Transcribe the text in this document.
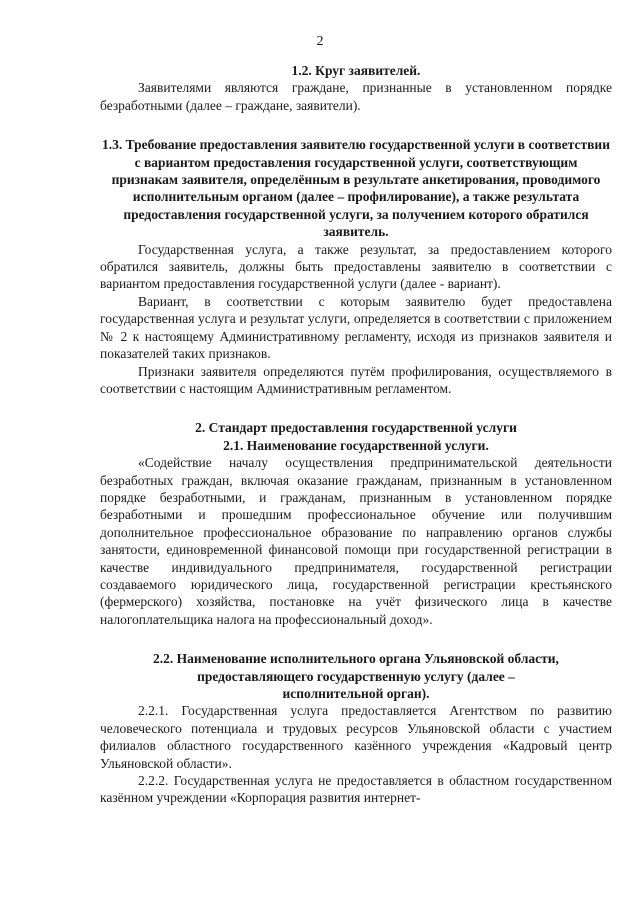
2

1.2. Круг заявителей.

Заявителями являются граждане, признанные в установленном порядке безработными (далее – граждане, заявители).

1.3. Требование предоставления заявителю государственной услуги в соответствии с вариантом предоставления государственной услуги, соответствующим признакам заявителя, определённым в результате анкетирования, проводимого исполнительным органом (далее – профилирование), а также результата предоставления государственной услуги, за получением которого обратился заявитель.

Государственная услуга, а также результат, за предоставлением которого обратился заявитель, должны быть предоставлены заявителю в соответствии с вариантом предоставления государственной услуги (далее - вариант).

Вариант, в соответствии с которым заявителю будет предоставлена государственная услуга и результат услуги, определяется в соответствии с приложением № 2 к настоящему Административному регламенту, исходя из признаков заявителя и показателей таких признаков.

Признаки заявителя определяются путём профилирования, осуществляемого в соответствии с настоящим Административным регламентом.

2. Стандарт предоставления государственной услуги

2.1. Наименование государственной услуги.

«Содействие началу осуществления предпринимательской деятельности безработных граждан, включая оказание гражданам, признанным в установленном порядке безработными, и гражданам, признанным в установленном порядке безработными и прошедшим профессиональное обучение или получившим дополнительное профессиональное образование по направлению органов службы занятости, единовременной финансовой помощи при государственной регистрации в качестве индивидуального предпринимателя, государственной регистрации создаваемого юридического лица, государственной регистрации крестьянского (фермерского) хозяйства, постановке на учёт физического лица в качестве налогоплательщика налога на профессиональный доход».

2.2. Наименование исполнительного органа Ульяновской области, предоставляющего государственную услугу (далее – исполнительной орган).

2.2.1. Государственная услуга предоставляется Агентством по развитию человеческого потенциала и трудовых ресурсов Ульяновской области с участием филиалов областного государственного казённого учреждения «Кадровый центр Ульяновской области».

2.2.2. Государственная услуга не предоставляется в областном государственном казённом учреждении «Корпорация развития интернет-
